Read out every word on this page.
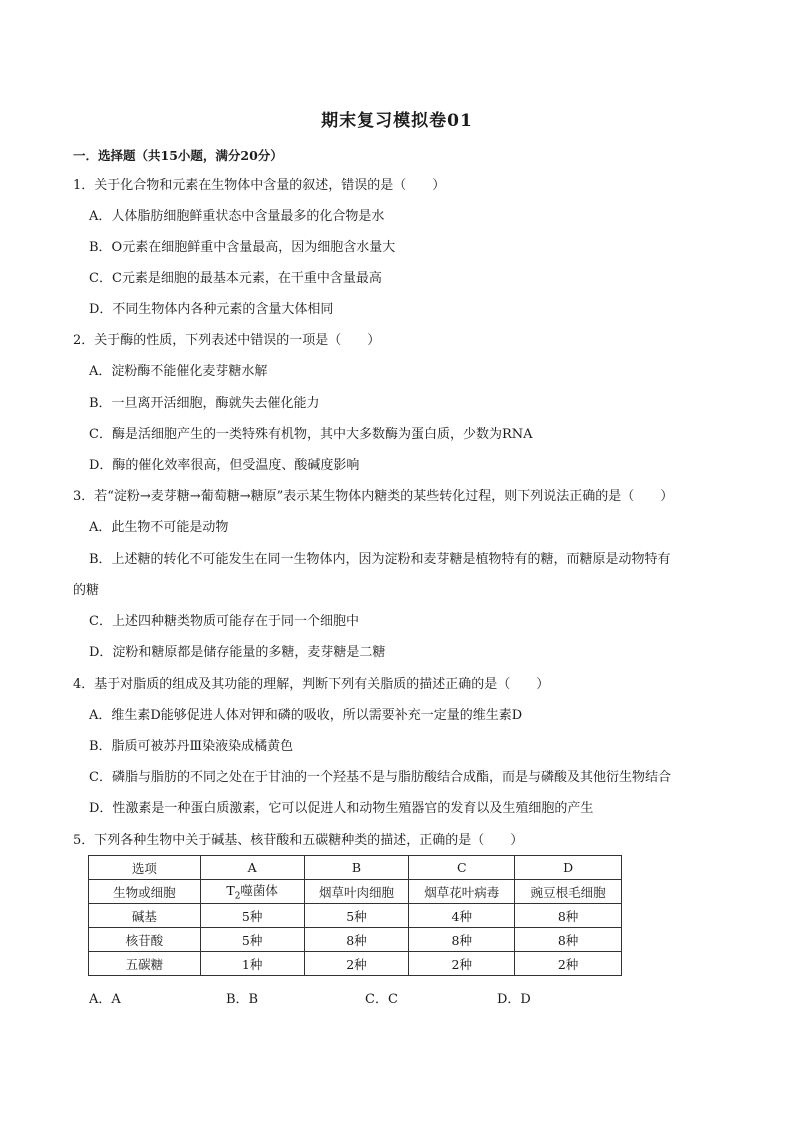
期末复习模拟卷01
一．选择题（共15小题，满分20分）
1．关于化合物和元素在生物体中含量的叙述，错误的是（　　）
A．人体脂肪细胞鲜重状态中含量最多的化合物是水
B．O元素在细胞鲜重中含量最高，因为细胞含水量大
C．C元素是细胞的最基本元素，在干重中含量最高
D．不同生物体内各种元素的含量大体相同
2．关于酶的性质，下列表述中错误的一项是（　　）
A．淀粉酶不能催化麦芽糖水解
B．一旦离开活细胞，酶就失去催化能力
C．酶是活细胞产生的一类特殊有机物，其中大多数酶为蛋白质，少数为RNA
D．酶的催化效率很高，但受温度、酸碱度影响
3．若“淀粉→麦芽糖→葡萄糖→糖原”表示某生物体内糖类的某些转化过程，则下列说法正确的是（　　）
A．此生物不可能是动物
B．上述糖的转化不可能发生在同一生物体内，因为淀粉和麦芽糖是植物特有的糖，而糖原是动物特有
的糖
C．上述四种糖类物质可能存在于同一个细胞中
D．淀粉和糖原都是储存能量的多糖，麦芽糖是二糖
4．基于对脂质的组成及其功能的理解，判断下列有关脂质的描述正确的是（　　）
A．维生素D能够促进人体对钾和磷的吸收，所以需要补充一定量的维生素D
B．脂质可被苏丹Ⅲ染液染成橘黄色
C．磷脂与脂肪的不同之处在于甘油的一个羟基不是与脂肪酸结合成酯，而是与磷酸及其他衍生物结合
D．性激素是一种蛋白质激素，它可以促进人和动物生殖器官的发育以及生殖细胞的产生
5．下列各种生物中关于碱基、核苷酸和五碳糖种类的描述，正确的是（　　）
选项	A	B	C	D
生物或细胞	$T_2$噬菌体	烟草叶肉细胞	烟草花叶病毒	豌豆根毛细胞
碱基	5种	5种	4种	8种
核苷酸	5种	8种	8种	8种
五碳糖	1种	2种	2种	2种
A．A	B．B	C．C	D．D
